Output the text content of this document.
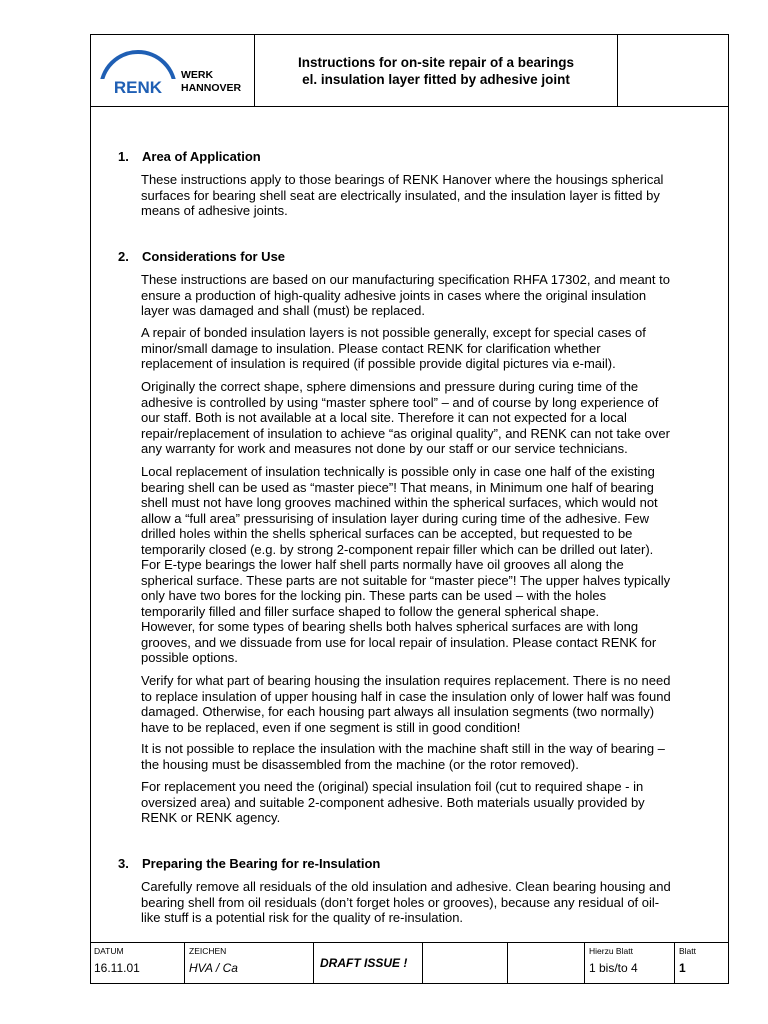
RENK
WERK
HANNOVER
Instructions for on-site repair of a bearings
el. insulation layer fitted by adhesive joint
1. Area of Application
These instructions apply to those bearings of RENK Hanover where the housings spherical
surfaces for bearing shell seat are electrically insulated, and the insulation layer is fitted by
means of adhesive joints.
2. Considerations for Use
These instructions are based on our manufacturing specification RHFA 17302, and meant to
ensure a production of high-quality adhesive joints in cases where the original insulation
layer was damaged and shall (must) be replaced.
A repair of bonded insulation layers is not possible generally, except for special cases of
minor/small damage to insulation. Please contact RENK for clarification whether
replacement of insulation is required (if possible provide digital pictures via e-mail).
Originally the correct shape, sphere dimensions and pressure during curing time of the
adhesive is controlled by using “master sphere tool” – and of course by long experience of
our staff. Both is not available at a local site. Therefore it can not expected for a local
repair/replacement of insulation to achieve “as original quality”, and RENK can not take over
any warranty for work and measures not done by our staff or our service technicians.
Local replacement of insulation technically is possible only in case one half of the existing
bearing shell can be used as “master piece”! That means, in Minimum one half of bearing
shell must not have long grooves machined within the spherical surfaces, which would not
allow a “full area” pressurising of insulation layer during curing time of the adhesive. Few
drilled holes within the shells spherical surfaces can be accepted, but requested to be
temporarily closed (e.g. by strong 2-component repair filler which can be drilled out later).
For E-type bearings the lower half shell parts normally have oil grooves all along the
spherical surface. These parts are not suitable for “master piece”! The upper halves typically
only have two bores for the locking pin. These parts can be used – with the holes
temporarily filled and filler surface shaped to follow the general spherical shape.
However, for some types of bearing shells both halves spherical surfaces are with long
grooves, and we dissuade from use for local repair of insulation. Please contact RENK for
possible options.
Verify for what part of bearing housing the insulation requires replacement. There is no need
to replace insulation of upper housing half in case the insulation only of lower half was found
damaged. Otherwise, for each housing part always all insulation segments (two normally)
have to be replaced, even if one segment is still in good condition!
It is not possible to replace the insulation with the machine shaft still in the way of bearing –
the housing must be disassembled from the machine (or the rotor removed).
For replacement you need the (original) special insulation foil (cut to required shape - in
oversized area) and suitable 2-component adhesive. Both materials usually provided by
RENK or RENK agency.
3. Preparing the Bearing for re-Insulation
Carefully remove all residuals of the old insulation and adhesive. Clean bearing housing and
bearing shell from oil residuals (don’t forget holes or grooves), because any residual of oil-
like stuff is a potential risk for the quality of re-insulation.
DATUM
16.11.01
ZEICHEN
HVA / Ca	DRAFT ISSUE !
Hierzu Blatt
1 bis/to 4
Blatt
1
